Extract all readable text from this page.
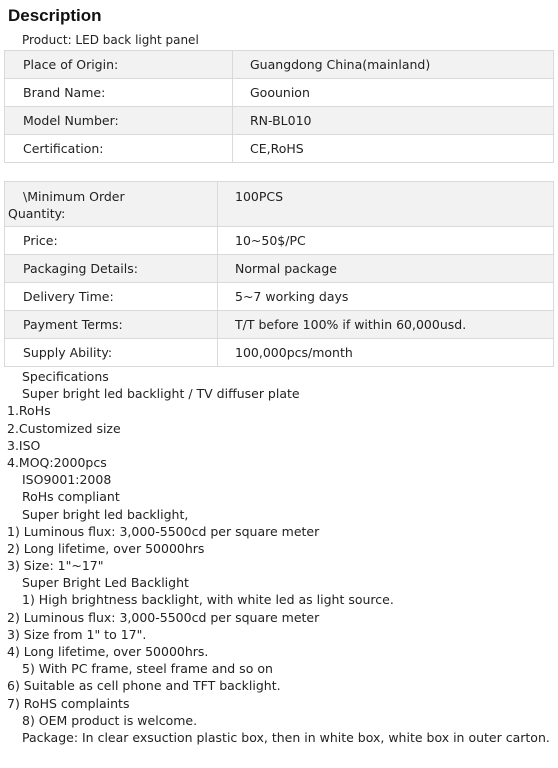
Description
Product: LED back light panel
Place of Origin:	Guangdong China(mainland)
Brand Name:	Goounion
Model Number:	RN-BL010
Certification:	CE,RoHS
\Minimum Order
Quantity:	100PCS

Price:	10~50$/PC
Packaging Details:	Normal package
Delivery Time:	5~7 working days
Payment Terms:	T/T before 100% if within 60,000usd.
Supply Ability:	100,000pcs/month
Specifications
Super bright led backlight / TV diffuser plate
1.RoHs
2.Customized size
3.ISO
4.MOQ:2000pcs
ISO9001:2008
RoHs compliant
Super bright led backlight,
1) Luminous flux: 3,000-5500cd per square meter
2) Long lifetime, over 50000hrs
3) Size: 1"~17"
Super Bright Led Backlight
1) High brightness backlight, with white led as light source.
2) Luminous flux: 3,000-5500cd per square meter
3) Size from 1" to 17".
4) Long lifetime, over 50000hrs.
5) With PC frame, steel frame and so on
6) Suitable as cell phone and TFT backlight.
7) RoHS complaints
8) OEM product is welcome.
Package: In clear exsuction plastic box, then in white box, white box in outer carton.
